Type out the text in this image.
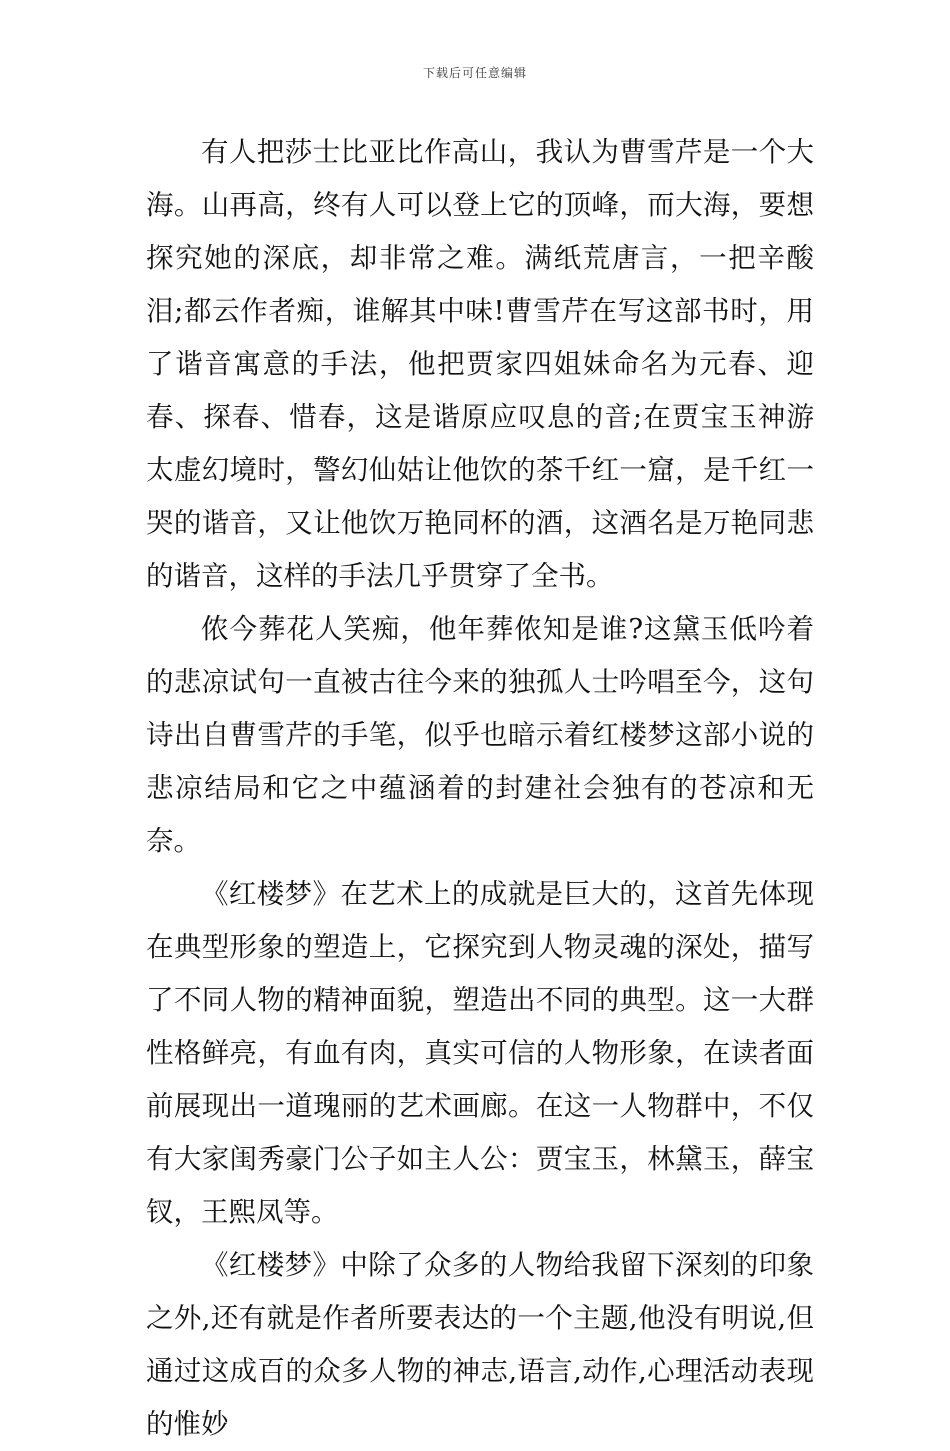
下载后可任意编辑

有人把莎士比亚比作高山，我认为曹雪芹是一个大海。山再高，终有人可以登上它的顶峰，而大海，要想探究她的深底，却非常之难。满纸荒唐言，一把辛酸泪;都云作者痴，谁解其中味!曹雪芹在写这部书时，用了谐音寓意的手法，他把贾家四姐妹命名为元春、迎春、探春、惜春，这是谐原应叹息的音;在贾宝玉神游太虚幻境时，警幻仙姑让他饮的茶千红一窟，是千红一哭的谐音，又让他饮万艳同杯的酒，这酒名是万艳同悲的谐音，这样的手法几乎贯穿了全书。

侬今葬花人笑痴，他年葬侬知是谁?这黛玉低吟着的悲凉试句一直被古往今来的独孤人士吟唱至今，这句诗出自曹雪芹的手笔，似乎也暗示着红楼梦这部小说的悲凉结局和它之中蕴涵着的封建社会独有的苍凉和无奈。

《红楼梦》在艺术上的成就是巨大的，这首先体现在典型形象的塑造上，它探究到人物灵魂的深处，描写了不同人物的精神面貌，塑造出不同的典型。这一大群性格鲜亮，有血有肉，真实可信的人物形象，在读者面前展现出一道瑰丽的艺术画廊。在这一人物群中，不仅有大家闺秀豪门公子如主人公：贾宝玉，林黛玉，薛宝钗，王熙凤等。

《红楼梦》中除了众多的人物给我留下深刻的印象之外,还有就是作者所要表达的一个主题,他没有明说,但通过这成百的众多人物的神志,语言,动作,心理活动表现的惟妙
